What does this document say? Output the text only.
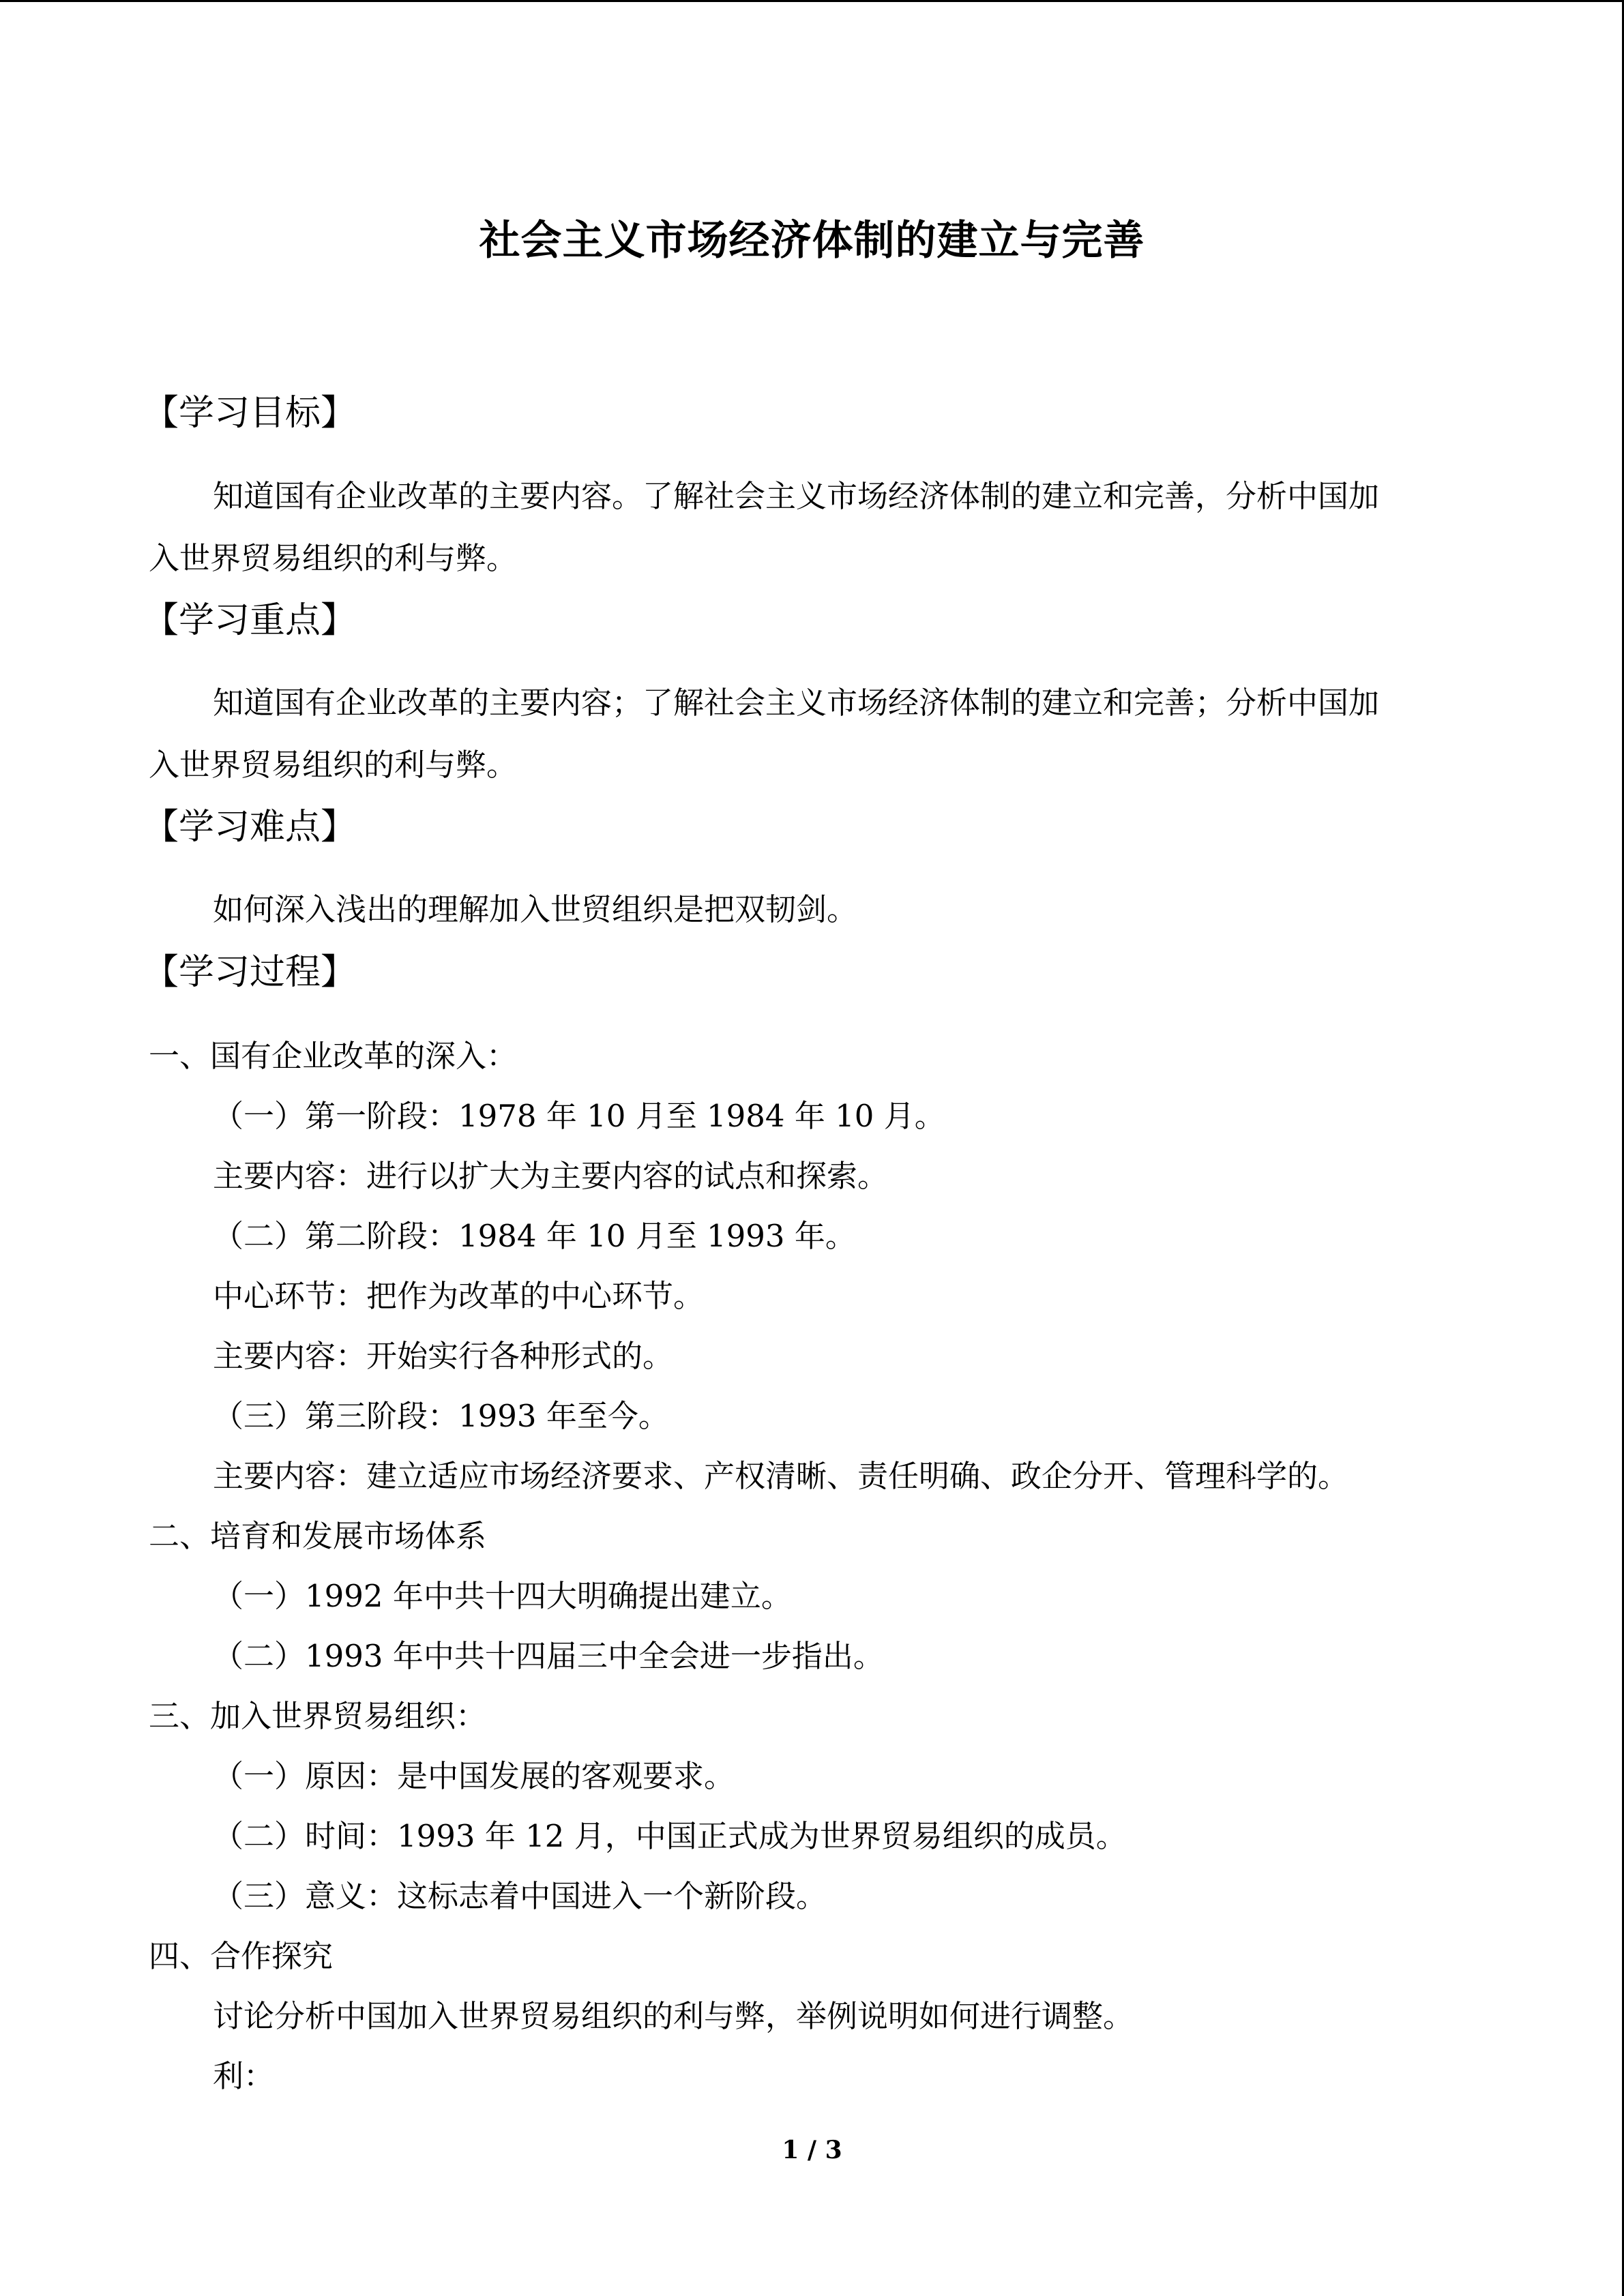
社会主义市场经济体制的建立与完善
【学习目标】
知道国有企业改革的主要内容。了解社会主义市场经济体制的建立和完善，分析中国加
入世界贸易组织的利与弊。
【学习重点】
知道国有企业改革的主要内容；了解社会主义市场经济体制的建立和完善；分析中国加
入世界贸易组织的利与弊。
【学习难点】
如何深入浅出的理解加入世贸组织是把双韧剑。
【学习过程】
一、国有企业改革的深入：
（一）第一阶段：1978 年 10 月至 1984 年 10 月。
主要内容：进行以扩大为主要内容的试点和探索。
（二）第二阶段：1984 年 10 月至 1993 年。
中心环节：把作为改革的中心环节。
主要内容：开始实行各种形式的。
（三）第三阶段：1993 年至今。
主要内容：建立适应市场经济要求、产权清晰、责任明确、政企分开、管理科学的。
二、培育和发展市场体系
（一）1992 年中共十四大明确提出建立。
（二）1993 年中共十四届三中全会进一步指出。
三、加入世界贸易组织：
（一）原因：是中国发展的客观要求。
（二）时间：1993 年 12 月，中国正式成为世界贸易组织的成员。
（三）意义：这标志着中国进入一个新阶段。
四、合作探究
讨论分析中国加入世界贸易组织的利与弊，举例说明如何进行调整。
利：
1 / 3
